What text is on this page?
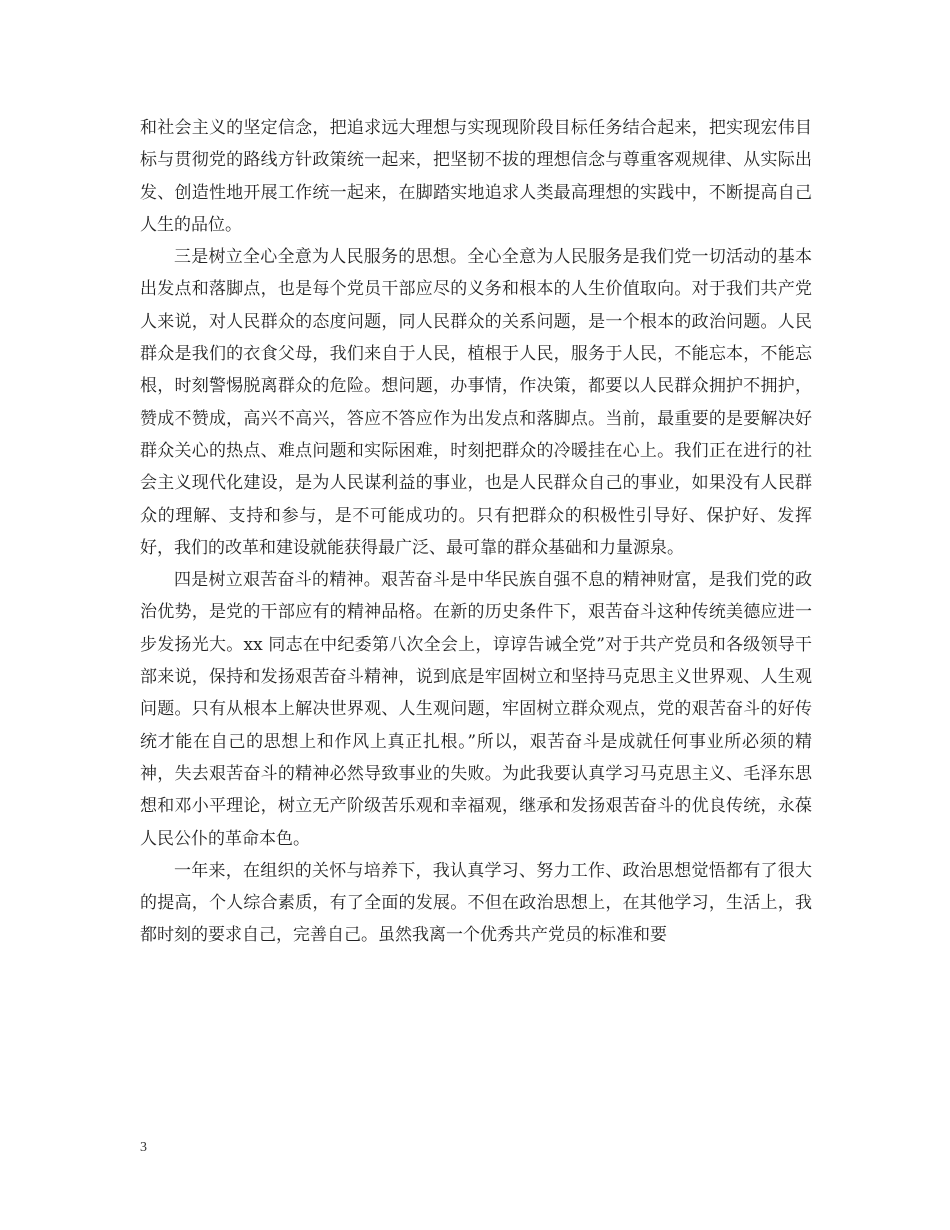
和社会主义的坚定信念，把追求远大理想与实现现阶段目标任务结合起来，把实现宏伟目标与贯彻党的路线方针政策统一起来，把坚韧不拔的理想信念与尊重客观规律、从实际出发、创造性地开展工作统一起来，在脚踏实地追求人类最高理想的实践中，不断提高自己人生的品位。

三是树立全心全意为人民服务的思想。全心全意为人民服务是我们党一切活动的基本出发点和落脚点，也是每个党员干部应尽的义务和根本的人生价值取向。对于我们共产党人来说，对人民群众的态度问题，同人民群众的关系问题，是一个根本的政治问题。人民群众是我们的衣食父母，我们来自于人民，植根于人民，服务于人民，不能忘本，不能忘根，时刻警惕脱离群众的危险。想问题，办事情，作决策，都要以人民群众拥护不拥护，赞成不赞成，高兴不高兴，答应不答应作为出发点和落脚点。当前，最重要的是要解决好群众关心的热点、难点问题和实际困难，时刻把群众的冷暖挂在心上。我们正在进行的社会主义现代化建设，是为人民谋利益的事业，也是人民群众自己的事业，如果没有人民群众的理解、支持和参与，是不可能成功的。只有把群众的积极性引导好、保护好、发挥好，我们的改革和建设就能获得最广泛、最可靠的群众基础和力量源泉。

四是树立艰苦奋斗的精神。艰苦奋斗是中华民族自强不息的精神财富，是我们党的政治优势，是党的干部应有的精神品格。在新的历史条件下，艰苦奋斗这种传统美德应进一步发扬光大。xx 同志在中纪委第八次全会上，谆谆告诫全党”对于共产党员和各级领导干部来说，保持和发扬艰苦奋斗精神，说到底是牢固树立和坚持马克思主义世界观、人生观问题。只有从根本上解决世界观、人生观问题，牢固树立群众观点，党的艰苦奋斗的好传统才能在自己的思想上和作风上真正扎根。”所以，艰苦奋斗是成就任何事业所必须的精神，失去艰苦奋斗的精神必然导致事业的失败。为此我要认真学习马克思主义、毛泽东思想和邓小平理论，树立无产阶级苦乐观和幸福观，继承和发扬艰苦奋斗的优良传统，永葆人民公仆的革命本色。

一年来，在组织的关怀与培养下，我认真学习、努力工作、政治思想觉悟都有了很大的提高，个人综合素质，有了全面的发展。不但在政治思想上，在其他学习，生活上，我都时刻的要求自己，完善自己。虽然我离一个优秀共产党员的标准和要

3
